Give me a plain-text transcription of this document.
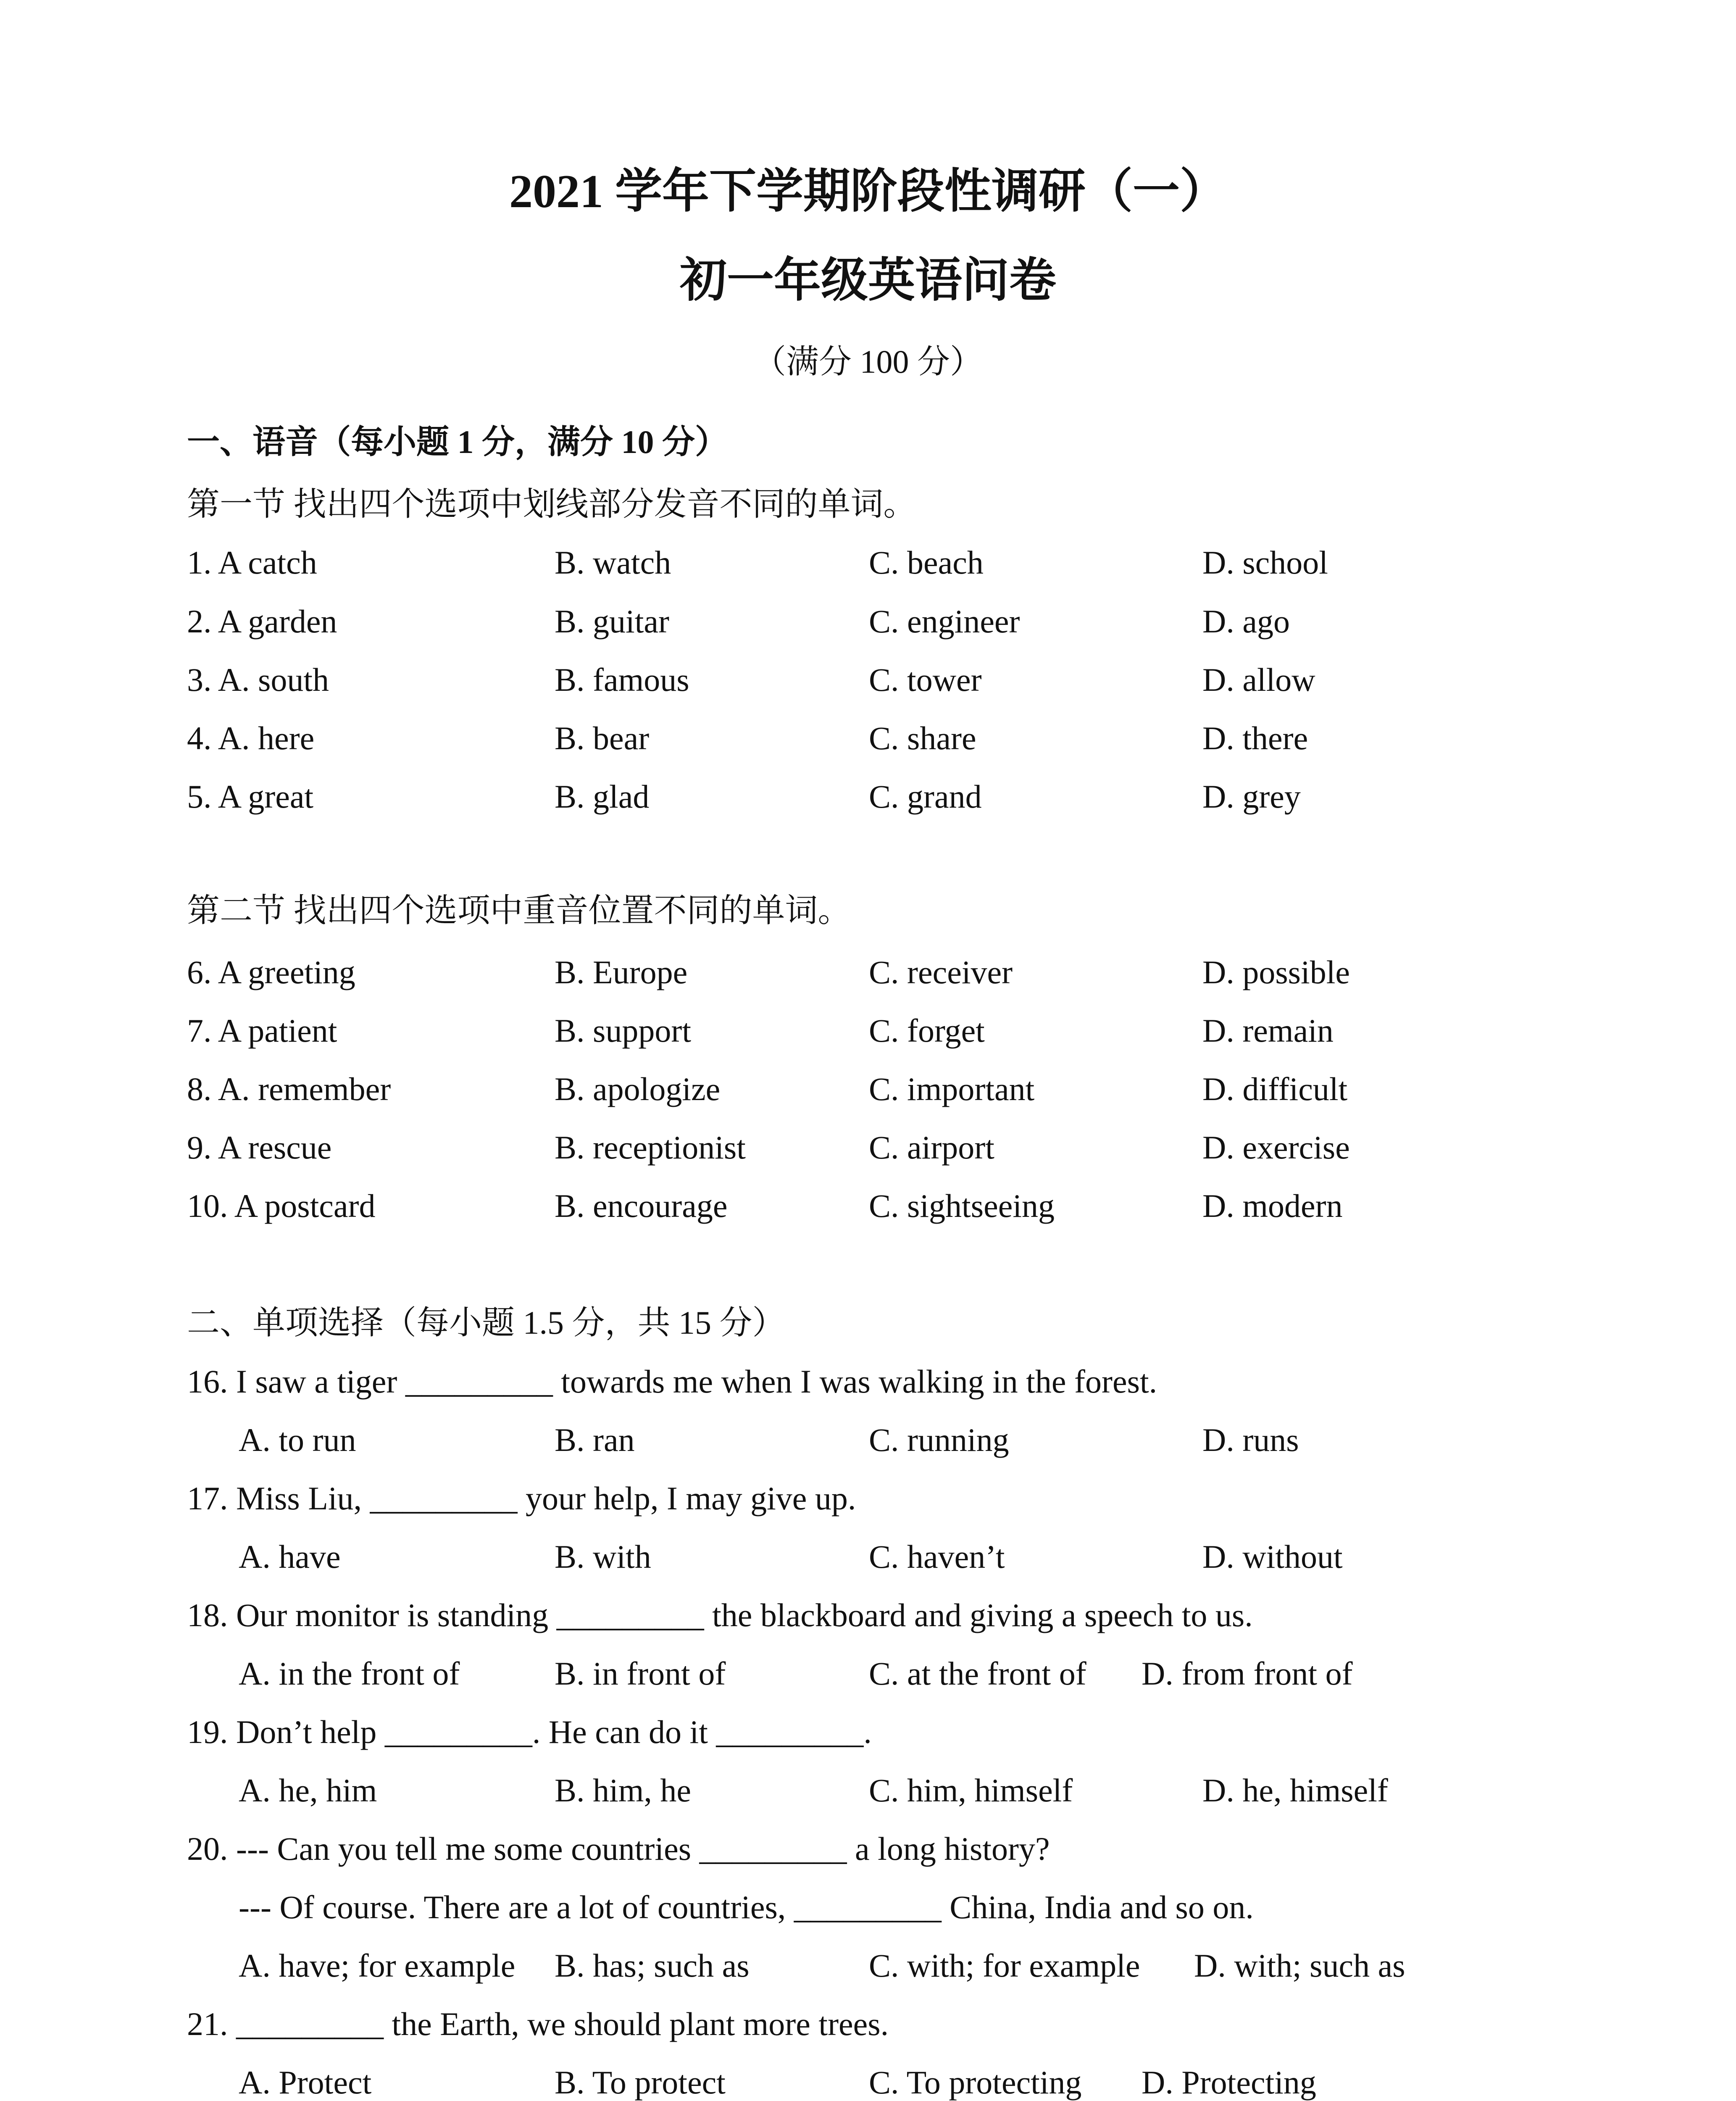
2021 学年下学期阶段性调研（一）
初一年级英语问卷
（满分 100 分）
一、语音（每小题 1 分，满分 10 分）
第一节 找出四个选项中划线部分发音不同的单词。
1. A catch	B. watch	C. beach	D. school
2. A garden	B. guitar	C. engineer	D. ago
3. A. south	B. famous	C. tower	D. allow
4. A. here	B. bear	C. share	D. there
5. A great	B. glad	C. grand	D. grey
第二节 找出四个选项中重音位置不同的单词。
6. A greeting	B. Europe	C. receiver	D. possible
7. A patient	B. support	C. forget	D. remain
8. A. remember	B. apologize	C. important	D. difficult
9. A rescue	B. receptionist	C. airport	D. exercise
10. A postcard	B. encourage	C. sightseeing	D. modern
二、单项选择（每小题 1.5 分，共 15 分）
16. I saw a tiger _________ towards me when I was walking in the forest.
A. to run	B. ran	C. running	D. runs
17. Miss Liu, _________ your help, I may give up.
A. have	B. with	C. haven’t	D. without
18. Our monitor is standing _________ the blackboard and giving a speech to us.
A. in the front of	B. in front of	C. at the front of D. from front of
19. Don’t help _________. He can do it _________.
A. he, him	B. him, he	C. him, himself	D. he, himself
20. --- Can you tell me some countries _________ a long history?
--- Of course. There are a lot of countries, _________ China, India and so on.
A. have; for example B. has; such as	C. with; for example D. with; such as
21. _________ the Earth, we should plant more trees.
A. Protect	B. To protect	C. To protecting D. Protecting
